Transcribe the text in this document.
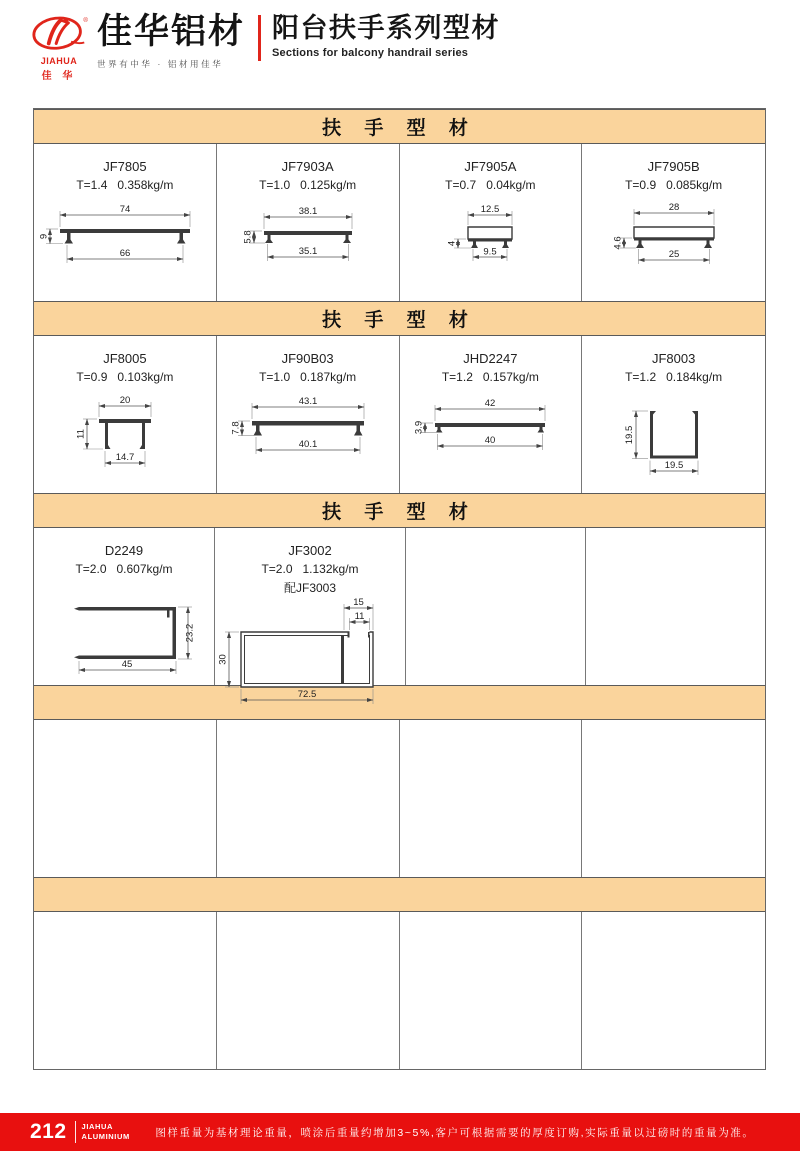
®
JIAHUA
佳 华
佳华铝材
世界有中华 · 铝材用佳华
阳台扶手系列型材
Sections for balcony handrail series
扶 手 型 材
JF7805
T=1.4   0.358kg/m
74
9
66
JF7903A
T=1.0   0.125kg/m
38.1
5.8
35.1
JF7905A
T=0.7   0.04kg/m
12.5
4
9.5
JF7905B
T=0.9   0.085kg/m
28
4.6
25
扶 手 型 材
JF8005
T=0.9   0.103kg/m
20
11
14.7
JF90B03
T=1.0   0.187kg/m
43.1
7.8
40.1
JHD2247
T=1.2   0.157kg/m
42
3.9
40
JF8003
T=1.2   0.184kg/m
19.5
19.5
扶 手 型 材
D2249
T=2.0   0.607kg/m
23.2
45
JF3002
T=2.0   1.132kg/m
配JF3003
15
11
30
72.5
212 JIAHUA
ALUMINIUM	图样重量为基材理论重量，喷涂后重量约增加3~5%,客户可根据需要的厚度订购,实际重量以过磅时的重量为准。
